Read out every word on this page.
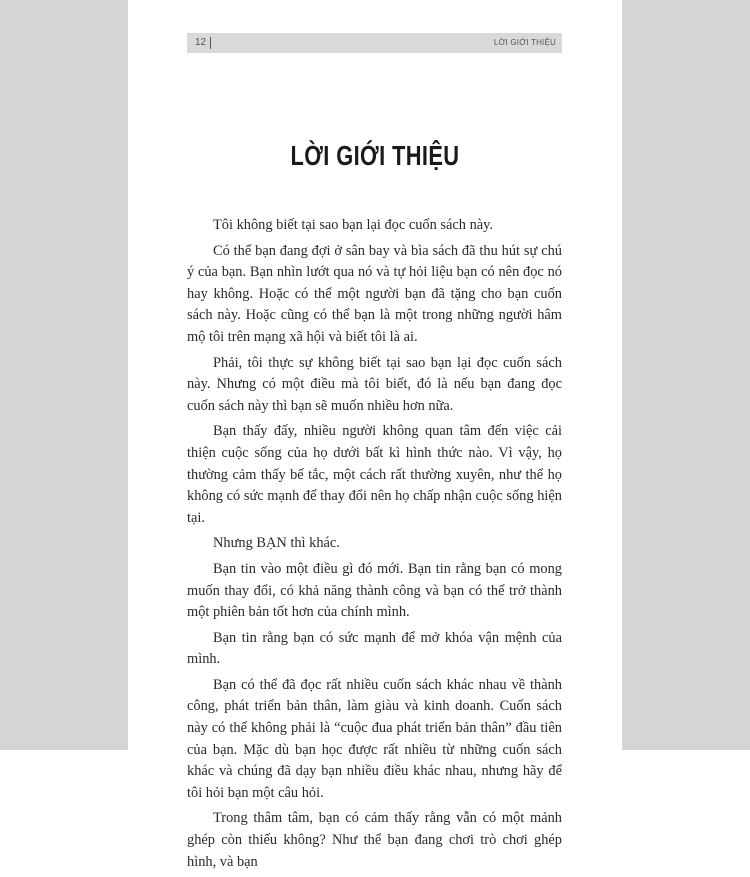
12	LỜI GIỚI THIỆU
LỜI GIỚI THIỆU

Tôi không biết tại sao bạn lại đọc cuốn sách này.

Có thể bạn đang đợi ở sân bay và bìa sách đã thu hút sự chú ý của bạn. Bạn nhìn lướt qua nó và tự hỏi liệu bạn có nên đọc nó hay không. Hoặc có thể một người bạn đã tặng cho bạn cuốn sách này. Hoặc cũng có thể bạn là một trong những người hâm mộ tôi trên mạng xã hội và biết tôi là ai.

Phải, tôi thực sự không biết tại sao bạn lại đọc cuốn sách này. Nhưng có một điều mà tôi biết, đó là nếu bạn đang đọc cuốn sách này thì bạn sẽ muốn nhiều hơn nữa.

Bạn thấy đấy, nhiều người không quan tâm đến việc cải thiện cuộc sống của họ dưới bất kì hình thức nào. Vì vậy, họ thường cảm thấy bế tắc, một cách rất thường xuyên, như thể họ không có sức mạnh để thay đổi nên họ chấp nhận cuộc sống hiện tại.

Nhưng BẠN thì khác.

Bạn tin vào một điều gì đó mới. Bạn tin rằng bạn có mong muốn thay đổi, có khả năng thành công và bạn có thể trở thành một phiên bản tốt hơn của chính mình.

Bạn tin rằng bạn có sức mạnh để mở khóa vận mệnh của mình.

Bạn có thể đã đọc rất nhiều cuốn sách khác nhau về thành công, phát triển bản thân, làm giàu và kinh doanh. Cuốn sách này có thể không phải là “cuộc đua phát triển bản thân” đầu tiên của bạn. Mặc dù bạn học được rất nhiều từ những cuốn sách khác và chúng đã dạy bạn nhiều điều khác nhau, nhưng hãy để tôi hỏi bạn một câu hỏi.

Trong thâm tâm, bạn có cảm thấy rằng vẫn có một mảnh ghép còn thiếu không? Như thể bạn đang chơi trò chơi ghép hình, và bạn
